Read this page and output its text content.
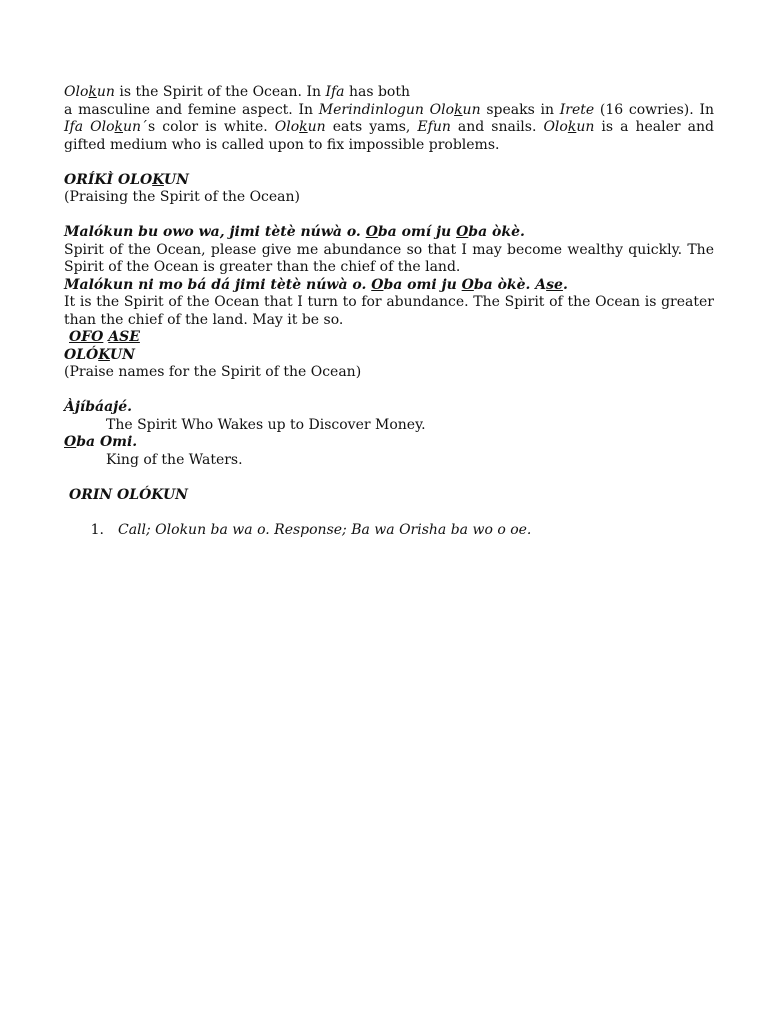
Olokun is the Spirit of the Ocean. In Ifa has both

a masculine and femine aspect. In Merindinlogun Olokun speaks in Irete (16 cowries). In Ifa Olokun´s color is white. Olokun eats yams, Efun and snails. Olokun is a healer and gifted medium who is called upon to fix impossible problems.

ORÍKÌ OLOKUN

(Praising the Spirit of the Ocean)

Malókun bu owo wa, jimi tètè núwà o. Oba omí ju Oba òkè.

Spirit of the Ocean, please give me abundance so that I may become wealthy quickly. The Spirit of the Ocean is greater than the chief of the land.

Malókun ni mo bá dá jimi tètè núwà o. Oba omi ju Oba òkè. Ase.

It is the Spirit of the Ocean that I turn to for abundance. The Spirit of the Ocean is greater than the chief of the land. May it be so.

OFO ASE

OLÓKUN

(Praise names for the Spirit of the Ocean)

Àjíbáajé.

The Spirit Who Wakes up to Discover Money.

Oba Omi.

King of the Waters.

ORIN OLÓKUN

1.	Call; Olokun ba wa o. Response; Ba wa Orisha ba wo o oe.
